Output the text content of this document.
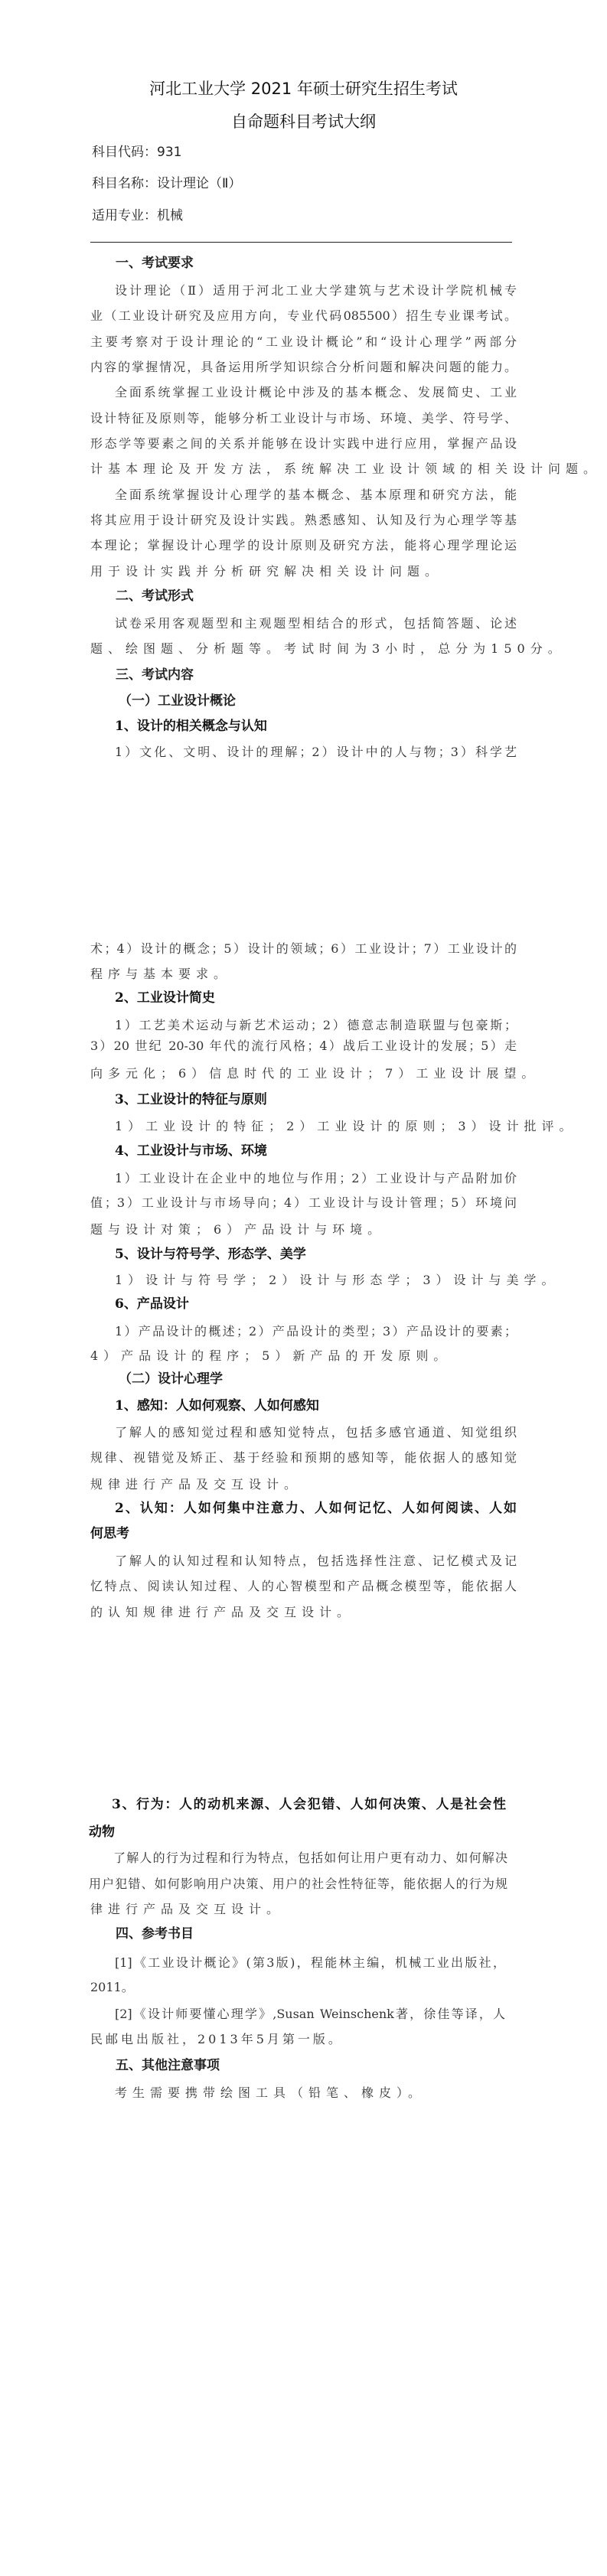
河北工业大学 2021 年硕士研究生招生考试
自命题科目考试大纲
科目代码：931
科目名称：设计理论（Ⅱ）
适用专业：机械
一、考试要求
设计理论（Ⅱ）适用于河北工业大学建筑与艺术设计学院机械专
业（工业设计研究及应用方向，专业代码085500）招生专业课考试。
主要考察对于设计理论的“工业设计概论”和“设计心理学”两部分
内容的掌握情况，具备运用所学知识综合分析问题和解决问题的能力。
全面系统掌握工业设计概论中涉及的基本概念、发展简史、工业
设计特征及原则等，能够分析工业设计与市场、环境、美学、符号学、
形态学等要素之间的关系并能够在设计实践中进行应用，掌握产品设
计基本理论及开发方法，系统解决工业设计领域的相关设计问题。
全面系统掌握设计心理学的基本概念、基本原理和研究方法，能
将其应用于设计研究及设计实践。熟悉感知、认知及行为心理学等基
本理论；掌握设计心理学的设计原则及研究方法，能将心理学理论运
用于设计实践并分析研究解决相关设计问题。
二、考试形式
试卷采用客观题型和主观题型相结合的形式，包括简答题、论述
题、绘图题、分析题等。考试时间为3小时，总分为150分。
三、考试内容
（一）工业设计概论
1、设计的相关概念与认知
1）文化、文明、设计的理解；2）设计中的人与物；3）科学艺
术；4）设计的概念；5）设计的领域；6）工业设计；7）工业设计的
程序与基本要求。
2、工业设计简史
1）工艺美术运动与新艺术运动；2）德意志制造联盟与包豪斯；
3）20 世纪 20-30 年代的流行风格；4）战后工业设计的发展；5）走
向多元化；6）信息时代的工业设计；7）工业设计展望。
3、工业设计的特征与原则
1）工业设计的特征；2）工业设计的原则；3）设计批评。
4、工业设计与市场、环境
1）工业设计在企业中的地位与作用；2）工业设计与产品附加价
值；3）工业设计与市场导向；4）工业设计与设计管理；5）环境问
题与设计对策；6）产品设计与环境。
5、设计与符号学、形态学、美学
1）设计与符号学；2）设计与形态学；3）设计与美学。
6、产品设计
1）产品设计的概述；2）产品设计的类型；3）产品设计的要素；
4）产品设计的程序；5）新产品的开发原则。
（二）设计心理学
1、感知：人如何观察、人如何感知
了解人的感知觉过程和感知觉特点，包括多感官通道、知觉组织
规律、视错觉及矫正、基于经验和预期的感知等，能依据人的感知觉
规律进行产品及交互设计。
2、认知：人如何集中注意力、人如何记忆、人如何阅读、人如
何思考
了解人的认知过程和认知特点，包括选择性注意、记忆模式及记
忆特点、阅读认知过程、人的心智模型和产品概念模型等，能依据人
的认知规律进行产品及交互设计。
3、行为：人的动机来源、人会犯错、人如何决策、人是社会性
动物
了解人的行为过程和行为特点，包括如何让用户更有动力、如何解决
用户犯错、如何影响用户决策、用户的社会性特征等，能依据人的行为规
律进行产品及交互设计。
四、参考书目
[1]《工业设计概论》(第3版)，程能林主编，机械工业出版社，
2011。
[2]《设计师要懂心理学》,Susan Weinschenk著，徐佳等译，人
民邮电出版社，2013年5月第一版。
五、其他注意事项
考生需要携带绘图工具（铅笔、橡皮）。
